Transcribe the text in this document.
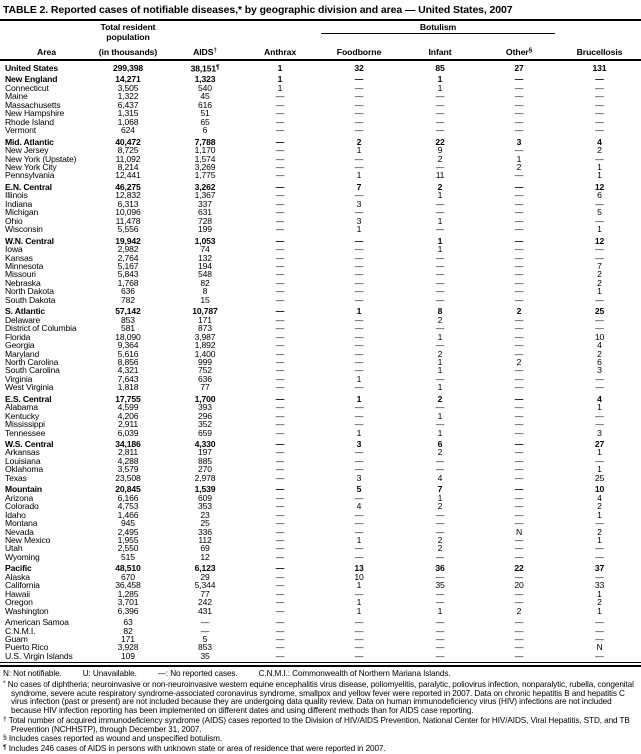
TABLE 2. Reported cases of notifiable diseases,* by geographic division and area — United States, 2007
	Total resident
population			Botulism			

Area	(in thousands)	AIDS†	Anthrax	Foodborne	Infant	Other§	Brucellosis
United States	299,398	38,151¶	1	32	85	27	131
New England	14,271	1,323	1	—	1	—	—
Connecticut	3,505	540	1	—	1	—	—
Maine	1,322	45	—	—	—	—	—
Massachusetts	6,437	616	—	—	—	—	—
New Hampshire	1,315	51	—	—	—	—	—
Rhode Island	1,068	65	—	—	—	—	—
Vermont	624	6	—	—	—	—	—
Mid. Atlantic	40,472	7,788	—	2	22	3	4
New Jersey	8,725	1,170	—	1	9	—	2
New York (Upstate)	11,092	1,574	—	—	2	1	—
New York City	8,214	3,269	—	—	—	2	1
Pennsylvania	12,441	1,775	—	1	11	—	1
E.N. Central	46,275	3,262	—	7	2	—	12
Illinois	12,832	1,367	—	—	1	—	6
Indiana	6,313	337	—	3	—	—	—
Michigan	10,096	631	—	—	—	—	5
Ohio	11,478	728	—	3	1	—	—
Wisconsin	5,556	199	—	1	—	—	1
W.N. Central	19,942	1,053	—	—	1	—	12
Iowa	2,982	74	—	—	1	—	—
Kansas	2,764	132	—	—	—	—	—
Minnesota	5,167	194	—	—	—	—	7
Missouri	5,843	548	—	—	—	—	2
Nebraska	1,768	82	—	—	—	—	2
North Dakota	636	8	—	—	—	—	1
South Dakota	782	15	—	—	—	—	—
S. Atlantic	57,142	10,787	—	1	8	2	25
Delaware	853	171	—	—	2	—	—
District of Columbia	581	873	—	—	—	—	—
Florida	18,090	3,987	—	—	1	—	10
Georgia	9,364	1,892	—	—	—	—	4
Maryland	5,616	1,400	—	—	2	—	2
North Carolina	8,856	999	—	—	1	2	6
South Carolina	4,321	752	—	—	1	—	3
Virginia	7,643	636	—	1	—	—	—
West Virginia	1,818	77	—	—	1	—	—
E.S. Central	17,755	1,700	—	1	2	—	4
Alabama	4,599	393	—	—	—	—	1
Kentucky	4,206	296	—	—	1	—	—
Mississippi	2,911	352	—	—	—	—	—
Tennessee	6,039	659	—	1	1	—	3
W.S. Central	34,186	4,330	—	3	6	—	27
Arkansas	2,811	197	—	—	2	—	1
Louisiana	4,288	885	—	—	—	—	—
Oklahoma	3,579	270	—	—	—	—	1
Texas	23,508	2,978	—	3	4	—	25
Mountain	20,845	1,539	—	5	7	—	10
Arizona	6,166	609	—	—	1	—	4
Colorado	4,753	353	—	4	2	—	2
Idaho	1,466	23	—	—	—	—	1
Montana	945	25	—	—	—	—	—
Nevada	2,495	336	—	—	—	N	2
New Mexico	1,955	112	—	1	2	—	1
Utah	2,550	69	—	—	2	—	—
Wyoming	515	12	—	—	—	—	—
Pacific	48,510	6,123	—	13	36	22	37
Alaska	670	29	—	10	—	—	—
California	36,458	5,344	—	1	35	20	33
Hawaii	1,285	77	—	—	—	—	1
Oregon	3,701	242	—	1	—	—	2
Washington	6,396	431	—	1	1	2	1
American Samoa	63	—	—	—	—	—	—
C.N.M.I.	82	—	—	—	—	—	—
Guam	171	5	—	—	—	—	—
Puerto Rico	3,928	853	—	—	—	—	N
U.S. Virgin Islands	109	35	—	—	—	—	—
N: Not notifiable.	U: Unavailable.	—: No reported cases.	C.N.M.I.: Commonwealth of Northern Mariana Islands.
* No cases of diphtheria; neuroinvasive or non-neuroinvasive western equine encephalitis virus disease, poliomyelitis, paralytic, poliovirus infection, nonparalytic, rubella, congenital syndrome, severe acute respiratory syndrome-associated coronavirus syndrome, smallpox and yellow fever were reported in 2007. Data on chronic hepatitis B and hepatitis C virus infection (past or present) are not included because they are undergoing data quality review. Data on human immunodeficiency virus (HIV) infections are not included because HIV infection reporting has been implemented on different dates and using different methods than for AIDS case reporting.
† Total number of acquired immunodeficiency syndrome (AIDS) cases reported to the Division of HIV/AIDS Prevention, National Center for HIV/AIDS, Viral Hepatitis, STD, and TB Prevention (NCHHSTP), through December 31, 2007.
§ Includes cases reported as wound and unspecified botulism.
¶ Includes 246 cases of AIDS in persons with unknown state or area of residence that were reported in 2007.
